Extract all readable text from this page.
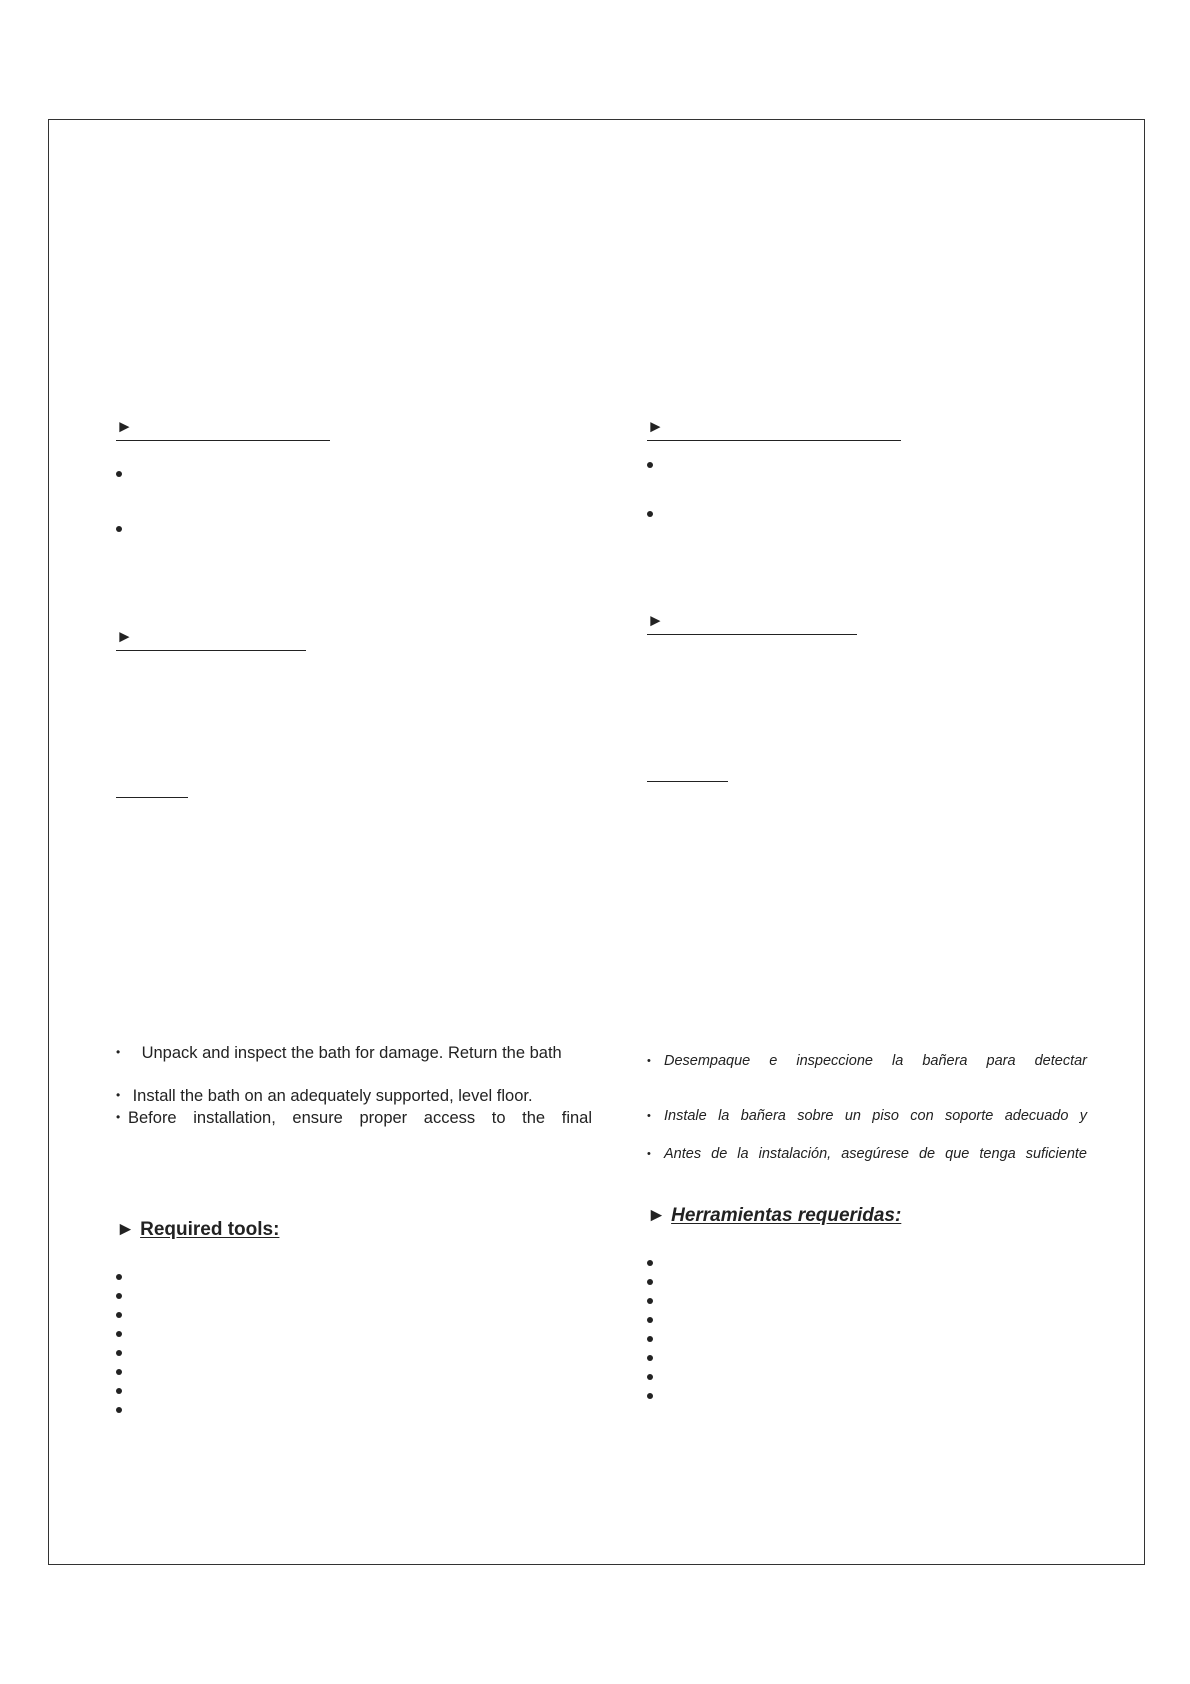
►
►
• Unpack and inspect the bath for damage. Return the bath
• Install the bath on an adequately supported, level floor.
• Before installation, ensure proper access to the final
► Required tools:
►
►
• Desempaque e inspeccione la bañera para detectar
• Instale la bañera sobre un piso con soporte adecuado y
• Antes de la instalación, asegúrese de que tenga suficiente
► Herramientas requeridas:
